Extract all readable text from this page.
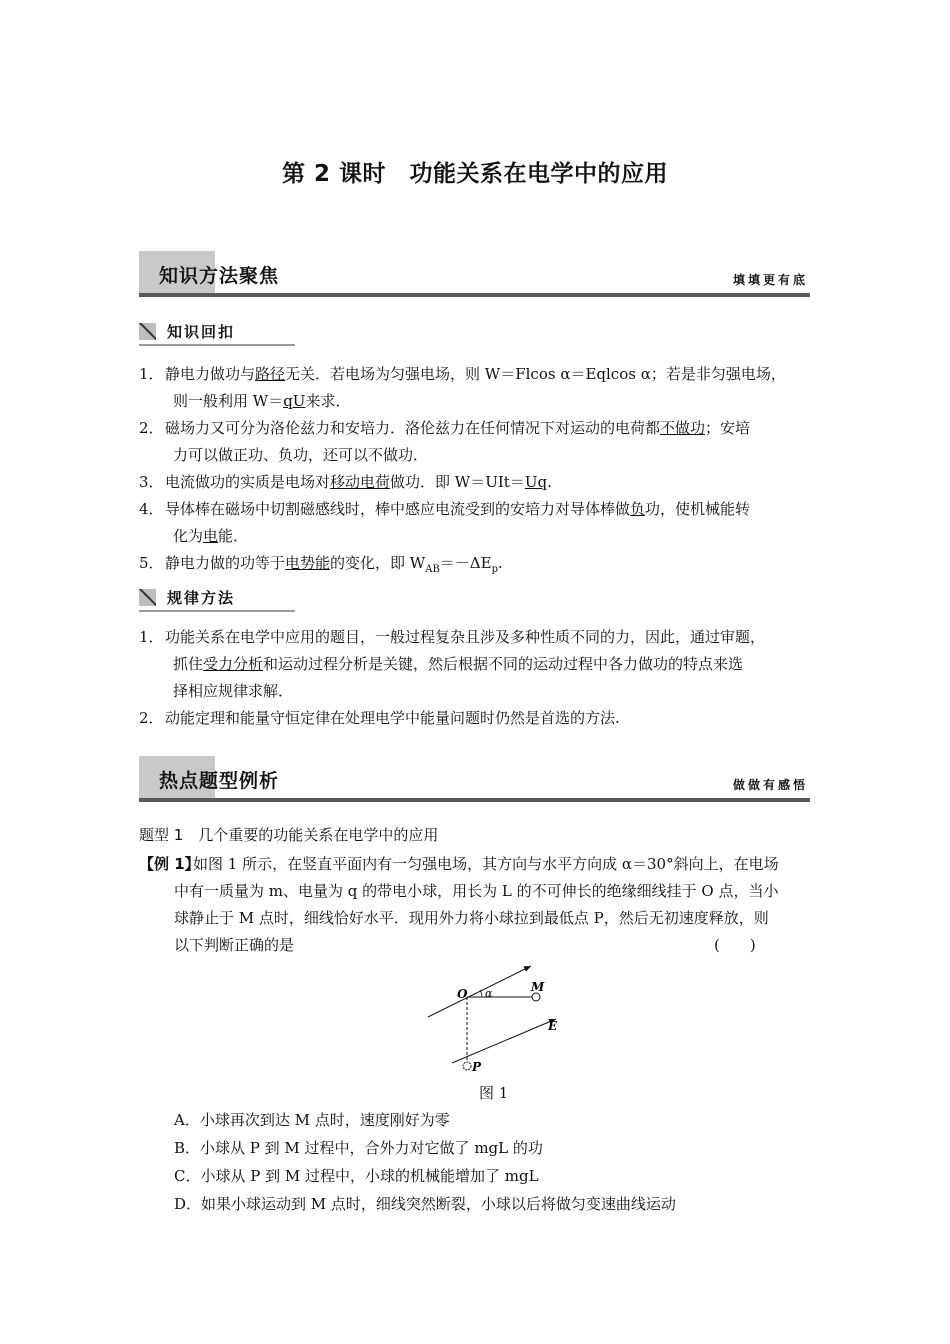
第 2 课时　功能关系在电学中的应用
知识方法聚焦	填填更有底
知识回扣
1．静电力做功与路径无关．若电场为匀强电场，则 W＝Flcos α＝Eqlcos α；若是非匀强电场，
则一般利用 W＝qU来求．
2．磁场力又可分为洛伦兹力和安培力．洛伦兹力在任何情况下对运动的电荷都不做功；安培
力可以做正功、负功，还可以不做功．
3．电流做功的实质是电场对移动电荷做功．即 W＝UIt＝Uq.
4．导体棒在磁场中切割磁感线时，棒中感应电流受到的安培力对导体棒做负功，使机械能转
化为电能．
5．静电力做的功等于电势能的变化，即 $W_{AB}=-\Delta E_p$.
规律方法
1．功能关系在电学中应用的题目，一般过程复杂且涉及多种性质不同的力，因此，通过审题，
抓住受力分析和运动过程分析是关键，然后根据不同的运动过程中各力做功的特点来选
择相应规律求解．
2．动能定理和能量守恒定律在处理电学中能量问题时仍然是首选的方法.
热点题型例析	做做有感悟
题型 1　几个重要的功能关系在电学中的应用
【例 1】如图 1 所示，在竖直平面内有一匀强电场，其方向与水平方向成 α＝30°斜向上，在电场
中有一质量为 m、电量为 q 的带电小球，用长为 L 的不可伸长的绝缘细线挂于 O 点，当小
球静止于 M 点时，细线恰好水平．现用外力将小球拉到最低点 P，然后无初速度释放，则
以下判断正确的是	(　　)
O α	M
E
P
图 1
A．小球再次到达 M 点时，速度刚好为零
B．小球从 P 到 M 过程中，合外力对它做了 mgL 的功
C．小球从 P 到 M 过程中，小球的机械能增加了 mgL
D．如果小球运动到 M 点时，细线突然断裂，小球以后将做匀变速曲线运动
